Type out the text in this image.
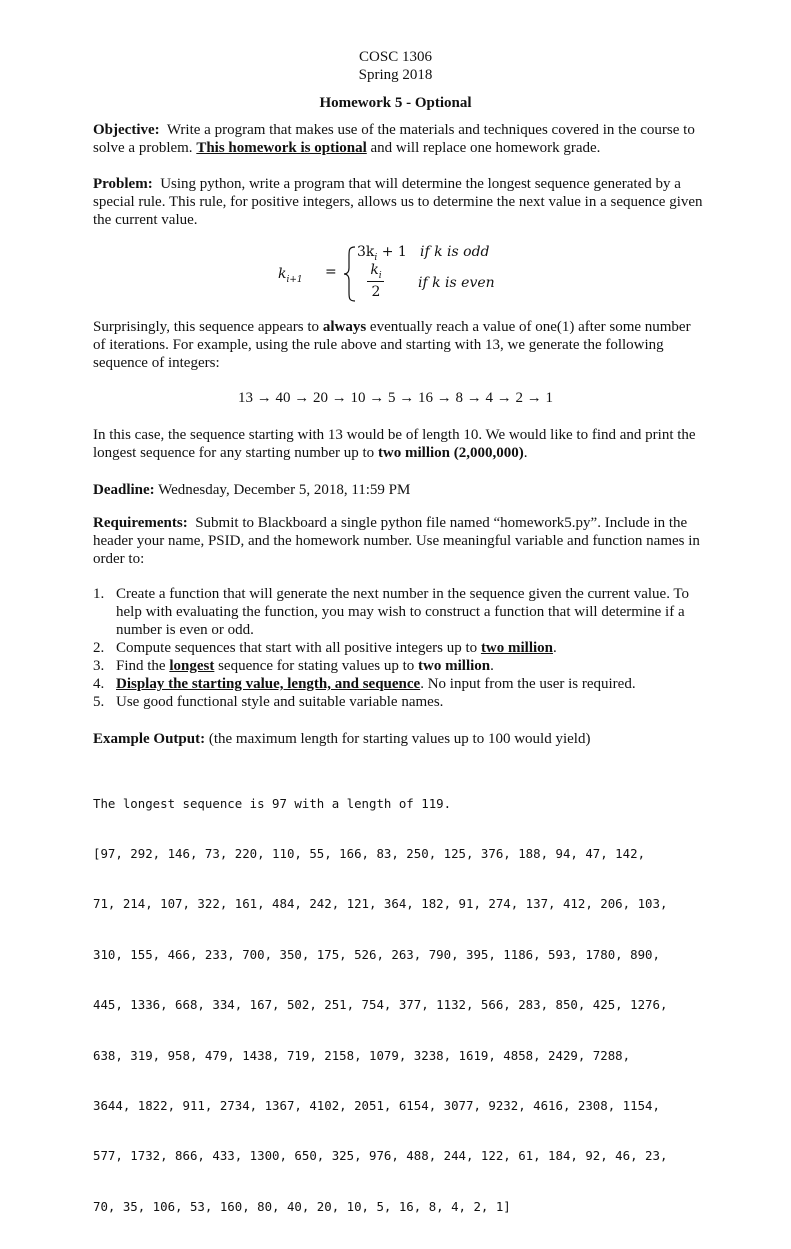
COSC 1306
Spring 2018
Homework 5 - Optional
Objective: Write a program that makes use of the materials and techniques covered in the course to solve a problem. This homework is optional and will replace one homework grade.
Problem: Using python, write a program that will determine the longest sequence generated by a special rule. This rule, for positive integers, allows us to determine the next value in a sequence given the current value.
$k_{i+1}$ =
$3k_i + 1$ if k is odd
$k_i$
2
if k is even
Surprisingly, this sequence appears to always eventually reach a value of one(1) after some number of iterations. For example, using the rule above and starting with 13, we generate the following sequence of integers:
13 → 40 → 20 → 10 → 5 → 16 → 8 → 4 → 2 → 1
In this case, the sequence starting with 13 would be of length 10. We would like to find and print the longest sequence for any starting number up to two million (2,000,000).
Deadline: Wednesday, December 5, 2018, 11:59 PM
Requirements: Submit to Blackboard a single python file named “homework5.py”. Include in the header your name, PSID, and the homework number. Use meaningful variable and function names in order to:
1. Create a function that will generate the next number in the sequence given the current value. To help with evaluating the function, you may wish to construct a function that will determine if a number is even or odd.
2. Compute sequences that start with all positive integers up to two million.
3. Find the longest sequence for stating values up to two million.
4. Display the starting value, length, and sequence. No input from the user is required.
5. Use good functional style and suitable variable names.
Example Output: (the maximum length for starting values up to 100 would yield)

The longest sequence is 97 with a length of 119.

[97, 292, 146, 73, 220, 110, 55, 166, 83, 250, 125, 376, 188, 94, 47, 142,

71, 214, 107, 322, 161, 484, 242, 121, 364, 182, 91, 274, 137, 412, 206, 103,

310, 155, 466, 233, 700, 350, 175, 526, 263, 790, 395, 1186, 593, 1780, 890,

445, 1336, 668, 334, 167, 502, 251, 754, 377, 1132, 566, 283, 850, 425, 1276,

638, 319, 958, 479, 1438, 719, 2158, 1079, 3238, 1619, 4858, 2429, 7288,

3644, 1822, 911, 2734, 1367, 4102, 2051, 6154, 3077, 9232, 4616, 2308, 1154,

577, 1732, 866, 433, 1300, 650, 325, 976, 488, 244, 122, 61, 184, 92, 46, 23,

70, 35, 106, 53, 160, 80, 40, 20, 10, 5, 16, 8, 4, 2, 1]
